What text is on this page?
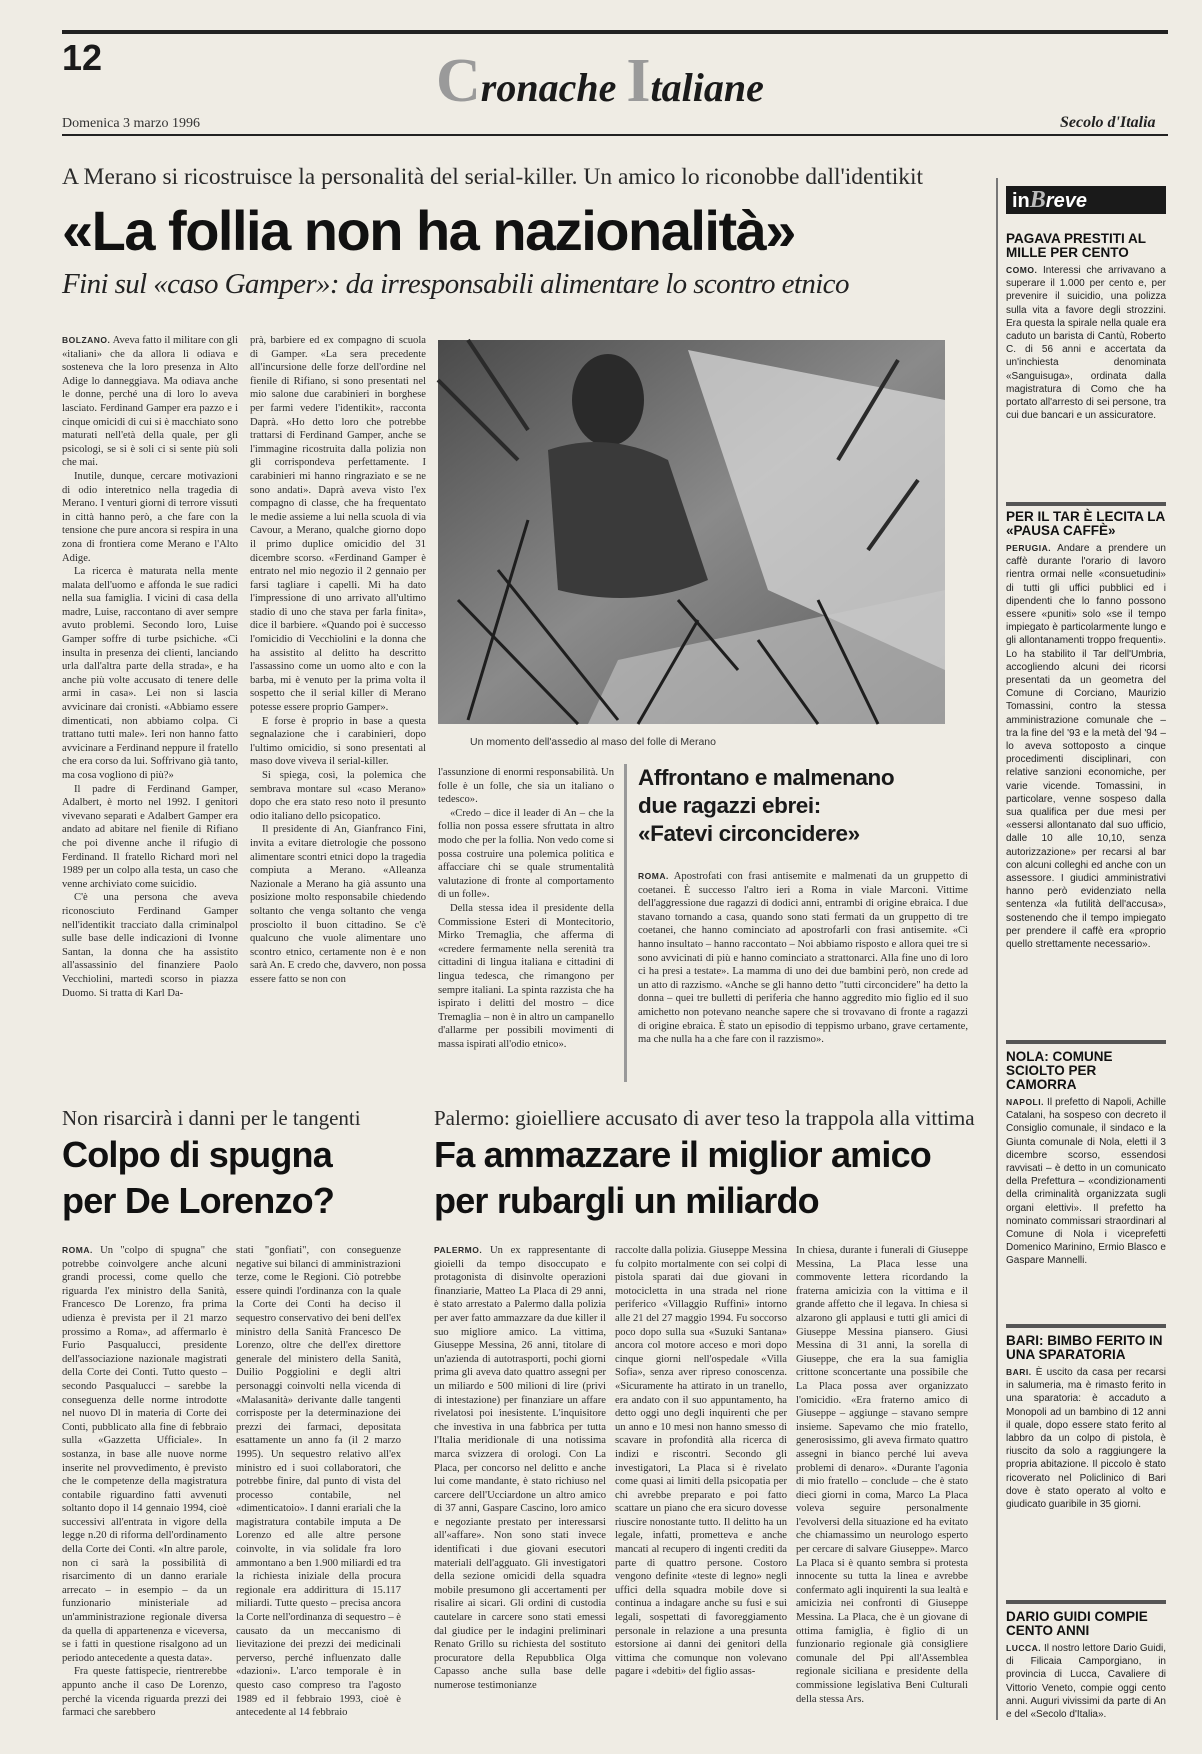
12	Cronache Italiane
Domenica 3 marzo 1996	Secolo d'Italia
A Merano si ricostruisce la personalità del serial-killer. Un amico lo riconobbe dall'identikit
«La follia non ha nazionalità»
Fini sul «caso Gamper»: da irresponsabili alimentare lo scontro etnico

BOLZANO. Aveva fatto il militare con gli «italiani» che da allora li odiava e sosteneva che la loro presenza in Alto Adige lo danneggiava. Ma odiava anche le donne, perché una di loro lo aveva lasciato. Ferdinand Gamper era pazzo e i cinque omicidi di cui si è macchiato sono maturati nell'età della quale, per gli psicologi, se si è soli ci si sente più soli che mai.

Inutile, dunque, cercare motivazioni di odio interetnico nella tragedia di Merano. I venturi giorni di terrore vissuti in città hanno però, a che fare con la tensione che pure ancora si respira in una zona di frontiera come Merano e l'Alto Adige.

La ricerca è maturata nella mente malata dell'uomo e affonda le sue radici nella sua famiglia. I vicini di casa della madre, Luise, raccontano di aver sempre avuto problemi. Secondo loro, Luise Gamper soffre di turbe psichiche. «Ci insulta in presenza dei clienti, lanciando urla dall'altra parte della strada», e ha anche più volte accusato di tenere delle armi in casa». Lei non si lascia avvicinare dai cronisti. «Abbiamo essere dimenticati, non abbiamo colpa. Ci trattano tutti male». Ieri non hanno fatto avvicinare a Ferdinand neppure il fratello che era corso da lui. Soffrivano già tanto, ma cosa vogliono di più?»

Il padre di Ferdinand Gamper, Adalbert, è morto nel 1992. I genitori vivevano separati e Adalbert Gamper era andato ad abitare nel fienile di Rifiano che poi divenne anche il rifugio di Ferdinand. Il fratello Richard morì nel 1989 per un colpo alla testa, un caso che venne archiviato come suicidio.

C'è una persona che aveva riconosciuto Ferdinand Gamper nell'identikit tracciato dalla criminalpol sulle base delle indicazioni di Ivonne Santan, la donna che ha assistito all'assassinio del finanziere Paolo Vecchiolini, martedì scorso in piazza Duomo. Si tratta di Karl Da-

prà, barbiere ed ex compagno di scuola di Gamper. «La sera precedente all'incursione delle forze dell'ordine nel fienile di Rifiano, si sono presentati nel mio salone due carabinieri in borghese per farmi vedere l'identikit», racconta Daprà. «Ho detto loro che potrebbe trattarsi di Ferdinand Gamper, anche se l'immagine ricostruita dalla polizia non gli corrispondeva perfettamente. I carabinieri mi hanno ringraziato e se ne sono andati». Daprà aveva visto l'ex compagno di classe, che ha frequentato le medie assieme a lui nella scuola di via Cavour, a Merano, qualche giorno dopo il primo duplice omicidio del 31 dicembre scorso. «Ferdinand Gamper è entrato nel mio negozio il 2 gennaio per farsi tagliare i capelli. Mi ha dato l'impressione di uno arrivato all'ultimo stadio di uno che stava per farla finita», dice il barbiere. «Quando poi è successo l'omicidio di Vecchiolini e la donna che ha assistito al delitto ha descritto l'assassino come un uomo alto e con la barba, mi è venuto per la prima volta il sospetto che il serial killer di Merano potesse essere proprio Gamper».

E forse è proprio in base a questa segnalazione che i carabinieri, dopo l'ultimo omicidio, si sono presentati al maso dove viveva il serial-killer.

Si spiega, così, la polemica che sembrava montare sul «caso Merano» dopo che era stato reso noto il presunto odio italiano dello psicopatico.

Il presidente di An, Gianfranco Fini, invita a evitare dietrologie che possono alimentare scontri etnici dopo la tragedia compiuta a Merano. «Alleanza Nazionale a Merano ha già assunto una posizione molto responsabile chiedendo soltanto che venga soltanto che venga prosciolto il buon cittadino. Se c'è qualcuno che vuole alimentare uno scontro etnico, certamente non è e non sarà An. E credo che, davvero, non possa essere fatto se non con

Un momento dell'assedio al maso del folle di Merano

l'assunzione di enormi responsabilità. Un folle è un folle, che sia un italiano o tedesco».

«Credo – dice il leader di An – che la follia non possa essere sfruttata in altro modo che per la follia. Non vedo come si possa costruire una polemica politica e affacciare chi se quale strumentalità valutazione di fronte al comportamento di un folle».

Della stessa idea il presidente della Commissione Esteri di Montecitorio, Mirko Tremaglia, che afferma di «credere fermamente nella serenità tra cittadini di lingua italiana e cittadini di lingua tedesca, che rimangono per sempre italiani. La spinta razzista che ha ispirato i delitti del mostro – dice Tremaglia – non è in altro un campanello d'allarme per possibili movimenti di massa ispirati all'odio etnico».

Affrontano e malmenano
due ragazzi ebrei:
«Fatevi circoncidere»

ROMA. Apostrofati con frasi antisemite e malmenati da un gruppetto di coetanei. È successo l'altro ieri a Roma in viale Marconi. Vittime dell'aggressione due ragazzi di dodici anni, entrambi di origine ebraica. I due stavano tornando a casa, quando sono stati fermati da un gruppetto di tre coetanei, che hanno cominciato ad apostrofarli con frasi antisemite. «Ci hanno insultato – hanno raccontato – Noi abbiamo risposto e allora quei tre si sono avvicinati di più e hanno cominciato a strattonarci. Alla fine uno di loro ci ha presi a testate». La mamma di uno dei due bambini però, non crede ad un atto di razzismo. «Anche se gli hanno detto "tutti circoncidere" ha detto la donna – quei tre bulletti di periferia che hanno aggredito mio figlio ed il suo amichetto non potevano neanche sapere che si trovavano di fronte a ragazzi di origine ebraica. È stato un episodio di teppismo urbano, grave certamente, ma che nulla ha a che fare con il razzismo».

Non risarcirà i danni per le tangenti
Colpo di spugna
per De Lorenzo?

ROMA. Un "colpo di spugna" che potrebbe coinvolgere anche alcuni grandi processi, come quello che riguarda l'ex ministro della Sanità, Francesco De Lorenzo, fra prima udienza è prevista per il 21 marzo prossimo a Roma», ad affermarlo è Furio Pasqualucci, presidente dell'associazione nazionale magistrati della Corte dei Conti. Tutto questo – secondo Pasqualucci – sarebbe la conseguenza delle norme introdotte nel nuovo Dl in materia di Corte dei Conti, pubblicato alla fine di febbraio sulla «Gazzetta Ufficiale». In sostanza, in base alle nuove norme inserite nel provvedimento, è previsto che le competenze della magistratura contabile riguardino fatti avvenuti soltanto dopo il 14 gennaio 1994, cioè successivi all'entrata in vigore della legge n.20 di riforma dell'ordinamento della Corte dei Conti. «In altre parole, non ci sarà la possibilità di risarcimento di un danno erariale arrecato – in esempio – da un funzionario ministeriale ad un'amministrazione regionale diversa da quella di appartenenza e viceversa, se i fatti in questione risalgono ad un periodo antecedente a questa data».

Fra queste fattispecie, rientrerebbe appunto anche il caso De Lorenzo, perché la vicenda riguarda prezzi dei farmaci che sarebbero

stati "gonfiati", con conseguenze negative sui bilanci di amministrazioni terze, come le Regioni. Ciò potrebbe essere quindi l'ordinanza con la quale la Corte dei Conti ha deciso il sequestro conservativo dei beni dell'ex ministro della Sanità Francesco De Lorenzo, oltre che dell'ex direttore generale del ministero della Sanità, Duilio Poggiolini e degli altri personaggi coinvolti nella vicenda di «Malasanità» derivante dalle tangenti corrisposte per la determinazione dei prezzi dei farmaci, depositata esattamente un anno fa (il 2 marzo 1995). Un sequestro relativo all'ex ministro ed i suoi collaboratori, che potrebbe finire, dal punto di vista del processo contabile, nel «dimenticatoio». I danni erariali che la magistratura contabile imputa a De Lorenzo ed alle altre persone coinvolte, in via solidale fra loro ammontano a ben 1.900 miliardi ed tra la richiesta iniziale della procura regionale era addirittura di 15.117 miliardi. Tutte questo – precisa ancora la Corte nell'ordinanza di sequestro – è causato da un meccanismo di lievitazione dei prezzi dei medicinali perverso, perché influenzato dalle «dazioni». L'arco temporale è in questo caso compreso tra l'agosto 1989 ed il febbraio 1993, cioè è antecedente al 14 febbraio

Palermo: gioielliere accusato di aver teso la trappola alla vittima
Fa ammazzare il miglior amico
per rubargli un miliardo

PALERMO. Un ex rappresentante di gioielli da tempo disoccupato e protagonista di disinvolte operazioni finanziarie, Matteo La Placa di 29 anni, è stato arrestato a Palermo dalla polizia per aver fatto ammazzare da due killer il suo migliore amico. La vittima, Giuseppe Messina, 26 anni, titolare di un'azienda di autotrasporti, pochi giorni prima gli aveva dato quattro assegni per un miliardo e 500 milioni di lire (privi di intestazione) per finanziare un affare rivelatosi poi inesistente. L'inquisitore che investiva in una fabbrica per tutta l'Italia meridionale di una notissima marca svizzera di orologi. Con La Placa, per concorso nel delitto e anche lui come mandante, è stato richiuso nel carcere dell'Ucciardone un altro amico di 37 anni, Gaspare Cascino, loro amico e negoziante prestato per interessarsi all'«affare». Non sono stati invece identificati i due giovani esecutori materiali dell'agguato. Gli investigatori della sezione omicidi della squadra mobile presumono gli accertamenti per risalire ai sicari. Gli ordini di custodia cautelare in carcere sono stati emessi dal giudice per le indagini preliminari Renato Grillo su richiesta del sostituto procuratore della Repubblica Olga Capasso anche sulla base delle numerose testimonianze

raccolte dalla polizia. Giuseppe Messina fu colpito mortalmente con sei colpi di pistola sparati dai due giovani in motocicletta in una strada nel rione periferico «Villaggio Ruffini» intorno alle 21 del 27 maggio 1994. Fu soccorso poco dopo sulla sua «Suzuki Santana» ancora col motore acceso e morì dopo cinque giorni nell'ospedale «Villa Sofia», senza aver ripreso conoscenza. «Sicuramente ha attirato in un tranello, era andato con il suo appuntamento, ha detto oggi uno degli inquirenti che per un anno e 10 mesi non hanno smesso di scavare in profondità alla ricerca di indizi e riscontri. Secondo gli investigatori, La Placa si è rivelato come quasi ai limiti della psicopatia per chi avrebbe preparato e poi fatto scattare un piano che era sicuro dovesse riuscire nonostante tutto. Il delitto ha un legale, infatti, prometteva e anche mancati al recupero di ingenti crediti da parte di quattro persone. Costoro vengono definite «teste di legno» negli uffici della squadra mobile dove si continua a indagare anche su fusi e sui legali, sospettati di favoreggiamento personale in relazione a una presunta estorsione ai danni dei genitori della vittima che comunque non volevano pagare i «debiti» del figlio assas-

In chiesa, durante i funerali di Giuseppe Messina, La Placa lesse una commovente lettera ricordando la fraterna amicizia con la vittima e il grande affetto che il legava. In chiesa si alzarono gli applausi e tutti gli amici di Giuseppe Messina piansero. Giusi Messina di 31 anni, la sorella di Giuseppe, che era la sua famiglia crittone sconcertante una possibile che La Placa possa aver organizzato l'omicidio. «Era fraterno amico di Giuseppe – aggiunge – stavano sempre insieme. Sapevamo che mio fratello, generosissimo, gli aveva firmato quattro assegni in bianco perché lui aveva problemi di denaro». «Durante l'agonia di mio fratello – conclude – che è stato dieci giorni in coma, Marco La Placa voleva seguire personalmente l'evolversi della situazione ed ha evitato che chiamassimo un neurologo esperto per cercare di salvare Giuseppe». Marco La Placa si è quanto sembra si protesta innocente su tutta la linea e avrebbe confermato agli inquirenti la sua lealtà e amicizia nei confronti di Giuseppe Messina. La Placa, che è un giovane di ottima famiglia, è figlio di un funzionario regionale già consigliere comunale del Ppi all'Assemblea regionale siciliana e presidente della commissione legislativa Beni Culturali della stessa Ars.

inBreve
PAGAVA PRESTITI AL MILLE PER CENTO

COMO. Interessi che arrivavano a superare il 1.000 per cento e, per prevenire il suicidio, una polizza sulla vita a favore degli strozzini. Era questa la spirale nella quale era caduto un barista di Cantù, Roberto C. di 56 anni e accertata da un'inchiesta denominata «Sanguisuga», ordinata dalla magistratura di Como che ha portato all'arresto di sei persone, tra cui due bancari e un assicuratore.

PER IL TAR È LECITA LA «PAUSA CAFFÈ»

PERUGIA. Andare a prendere un caffè durante l'orario di lavoro rientra ormai nelle «consuetudini» di tutti gli uffici pubblici ed i dipendenti che lo fanno possono essere «puniti» solo «se il tempo impiegato è particolarmente lungo e gli allontanamenti troppo frequenti». Lo ha stabilito il Tar dell'Umbria, accogliendo alcuni dei ricorsi presentati da un geometra del Comune di Corciano, Maurizio Tomassini, contro la stessa amministrazione comunale che – tra la fine del '93 e la metà del '94 – lo aveva sottoposto a cinque procedimenti disciplinari, con relative sanzioni economiche, per varie vicende. Tomassini, in particolare, venne sospeso dalla sua qualifica per due mesi per «essersi allontanato dal suo ufficio, dalle 10 alle 10,10, senza autorizzazione» per recarsi al bar con alcuni colleghi ed anche con un assessore. I giudici amministrativi hanno però evidenziato nella sentenza «la futilità dell'accusa», sostenendo che il tempo impiegato per prendere il caffè era «proprio quello strettamente necessario».

NOLA: COMUNE SCIOLTO PER CAMORRA

NAPOLI. Il prefetto di Napoli, Achille Catalani, ha sospeso con decreto il Consiglio comunale, il sindaco e la Giunta comunale di Nola, eletti il 3 dicembre scorso, essendosi ravvisati – è detto in un comunicato della Prefettura – «condizionamenti della criminalità organizzata sugli organi elettivi». Il prefetto ha nominato commissari straordinari al Comune di Nola i viceprefetti Domenico Marinino, Ermio Blasco e Gaspare Mannelli.

BARI: BIMBO FERITO IN UNA SPARATORIA

BARI. È uscito da casa per recarsi in salumeria, ma è rimasto ferito in una sparatoria: è accaduto a Monopoli ad un bambino di 12 anni il quale, dopo essere stato ferito al labbro da un colpo di pistola, è riuscito da solo a raggiungere la propria abitazione. Il piccolo è stato ricoverato nel Policlinico di Bari dove è stato operato al volto e giudicato guaribile in 35 giorni.

DARIO GUIDI COMPIE CENTO ANNI

LUCCA. Il nostro lettore Dario Guidi, di Filicaia Camporgiano, in provincia di Lucca, Cavaliere di Vittorio Veneto, compie oggi cento anni. Auguri vivissimi da parte di An e del «Secolo d'Italia».
